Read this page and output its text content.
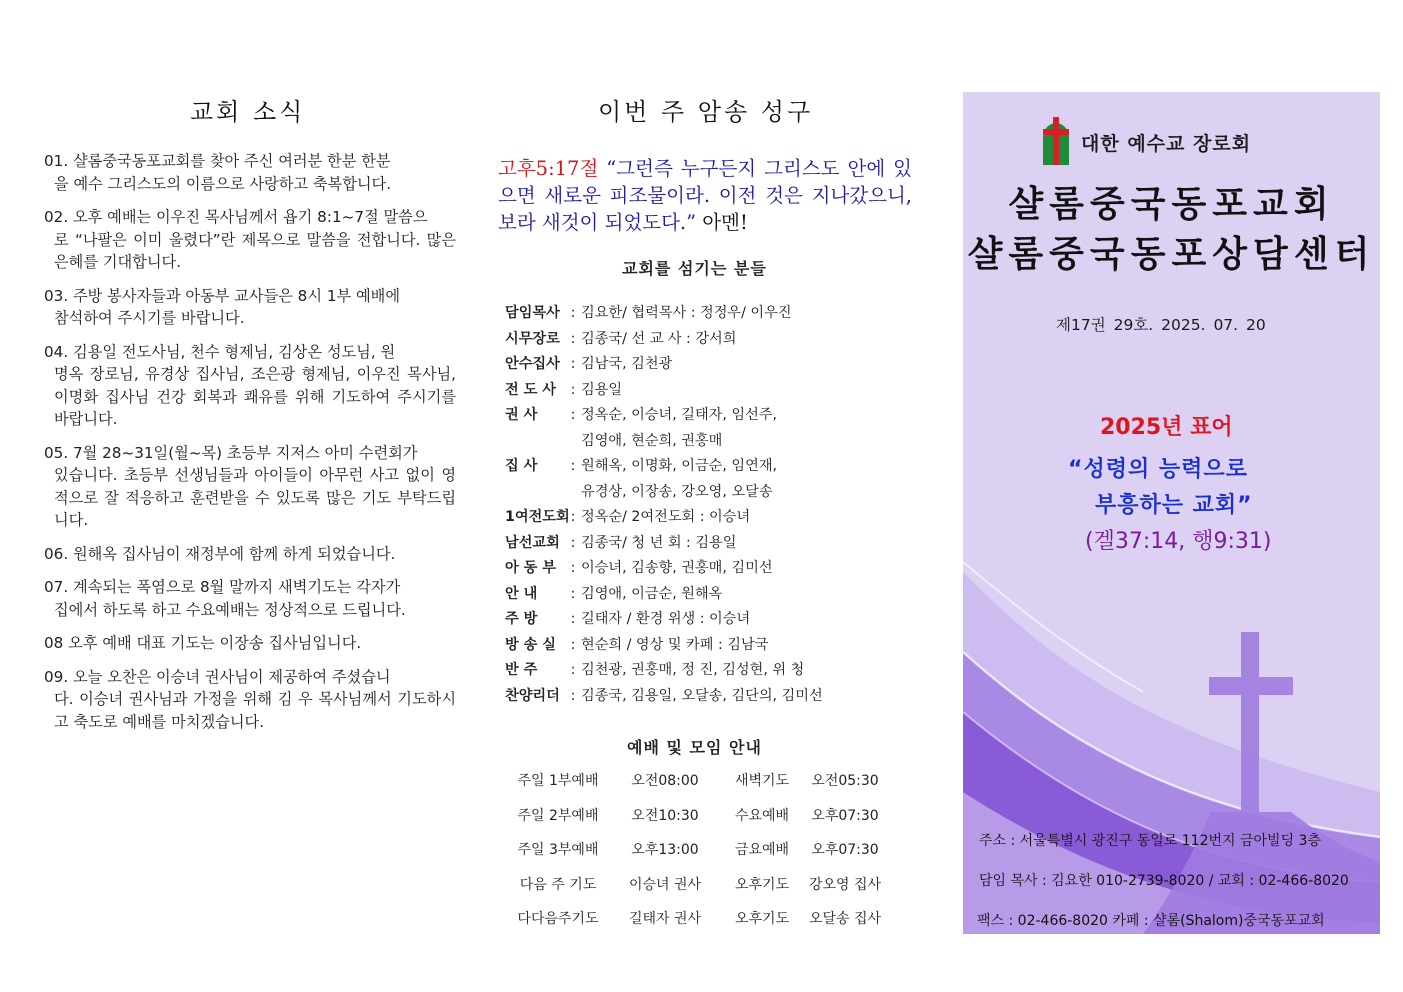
교회 소식
01. 샬롬중국동포교회를 찾아 주신 여러분 한분 한분
을 예수 그리스도의 이름으로 사랑하고 축복합니다.
02. 오후 예배는 이우진 목사님께서 욥기 8:1~7절 말씀으
로 “나팔은 이미 울렸다”란 제목으로 말씀을 전합니다. 많은 은혜를 기대합니다.
03. 주방 봉사자들과 아동부 교사들은 8시 1부 예배에
참석하여 주시기를 바랍니다.
04. 김용일 전도사님, 천수 형제님, 김상온 성도님, 원
명옥 장로님, 유경상 집사님, 조은광 형제님, 이우진 목사님, 이명화 집사님 건강 회복과 쾌유를 위해 기도하여 주시기를 바랍니다.
05. 7월 28~31일(월~목) 초등부 지저스 아미 수련회가
있습니다. 초등부 선생님들과 아이들이 아무런 사고 없이 영적으로 잘 적응하고 훈련받을 수 있도록 많은 기도 부탁드립니다.
06. 원해옥 집사님이 재정부에 함께 하게 되었습니다.
07. 계속되는 폭염으로 8월 말까지 새벽기도는 각자가
집에서 하도록 하고 수요예배는 정상적으로 드립니다.
08 오후 예배 대표 기도는 이장송 집사님입니다.
09. 오늘 오찬은 이승녀 권사님이 제공하여 주셨습니
다. 이승녀 권사님과 가정을 위해 김 우 목사님께서 기도하시고 축도로 예배를 마치겠습니다.
이번 주 암송 성구
고후5:17절 “그런즉 누구든지 그리스도 안에 있으면 새로운 피조물이라. 이전 것은 지나갔으니, 보라 새것이 되었도다.” 아멘!
교회를 섬기는 분들
담임목사 : 김요한/ 협력목사 : 정정우/ 이우진
시무장로 : 김종국/ 선 교 사 : 강서희
안수집사 : 김남국, 김천광
전 도 사	: 김용일
권 사	: 정옥순, 이승녀, 길태자, 임선주,
김영애, 현순희, 권홍매
집 사	: 원해옥, 이명화, 이금순, 임연재,
유경상, 이장송, 강오영, 오달송
1여전도회 : 정옥순/ 2여전도회 : 이승녀
남선교회 : 김종국/ 청 년 회 : 김용일
아 동 부	: 이승녀, 김송향, 권홍매, 김미선
안 내	: 김영애, 이금순, 원해옥
주 방	: 길태자 / 환경 위생 : 이승녀
방 송 실	: 현순희 / 영상 및 카페 : 김남국
반 주	: 김천광, 권홍매, 정 진, 김성현, 위 청
찬양리더 : 김종국, 김용일, 오달송, 김단의, 김미선
예배 및 모임 안내
주일 1부예배	오전08:00	새벽기도	오전05:30
주일 2부예배	오전10:30	수요예배	오후07:30
주일 3부예배	오후13:00	금요예배	오후07:30
다음 주 기도	이승녀 권사	오후기도	강오영 집사
다다음주기도	길태자 권사	오후기도	오달송 집사
대한 예수교 장로회
샬롬중국동포교회
샬롬중국동포상담센터
제17권 29호. 2025. 07. 20
2025년 표어
“성령의 능력으로
부흥하는 교회”
(겔37:14, 행9:31)
주소 : 서울특별시 광진구 동일로 112번지 금아빌딩 3층
담임 목사 : 김요한 010-2739-8020 / 교회 : 02-466-8020
팩스 : 02-466-8020 카페 : 샬롬(Shalom)중국동포교회
